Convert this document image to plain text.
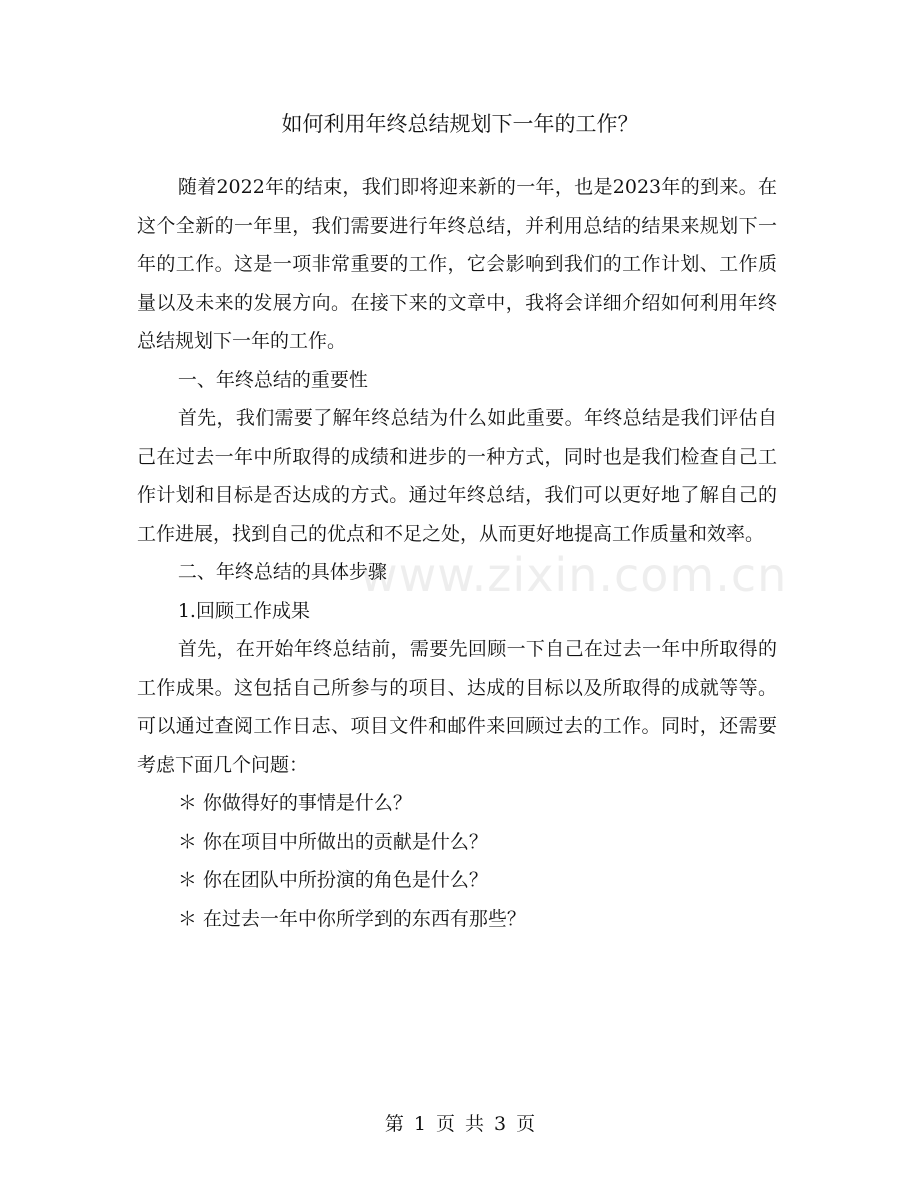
如何利用年终总结规划下一年的工作？

随着2022年的结束，我们即将迎来新的一年，也是2023年的到来。在这个全新的一年里，我们需要进行年终总结，并利用总结的结果来规划下一年的工作。这是一项非常重要的工作，它会影响到我们的工作计划、工作质量以及未来的发展方向。在接下来的文章中，我将会详细介绍如何利用年终总结规划下一年的工作。

一、年终总结的重要性

首先，我们需要了解年终总结为什么如此重要。年终总结是我们评估自己在过去一年中所取得的成绩和进步的一种方式，同时也是我们检查自己工作计划和目标是否达成的方式。通过年终总结，我们可以更好地了解自己的工作进展，找到自己的优点和不足之处，从而更好地提高工作质量和效率。

二、年终总结的具体步骤

1.回顾工作成果

首先，在开始年终总结前，需要先回顾一下自己在过去一年中所取得的工作成果。这包括自己所参与的项目、达成的目标以及所取得的成就等等。可以通过查阅工作日志、项目文件和邮件来回顾过去的工作。同时，还需要考虑下面几个问题：

＊ 你做得好的事情是什么？

＊ 你在项目中所做出的贡献是什么？

＊ 你在团队中所扮演的角色是什么？

＊ 在过去一年中你所学到的东西有那些？

www.zixin.com.cn
第 1 页 共 3 页
